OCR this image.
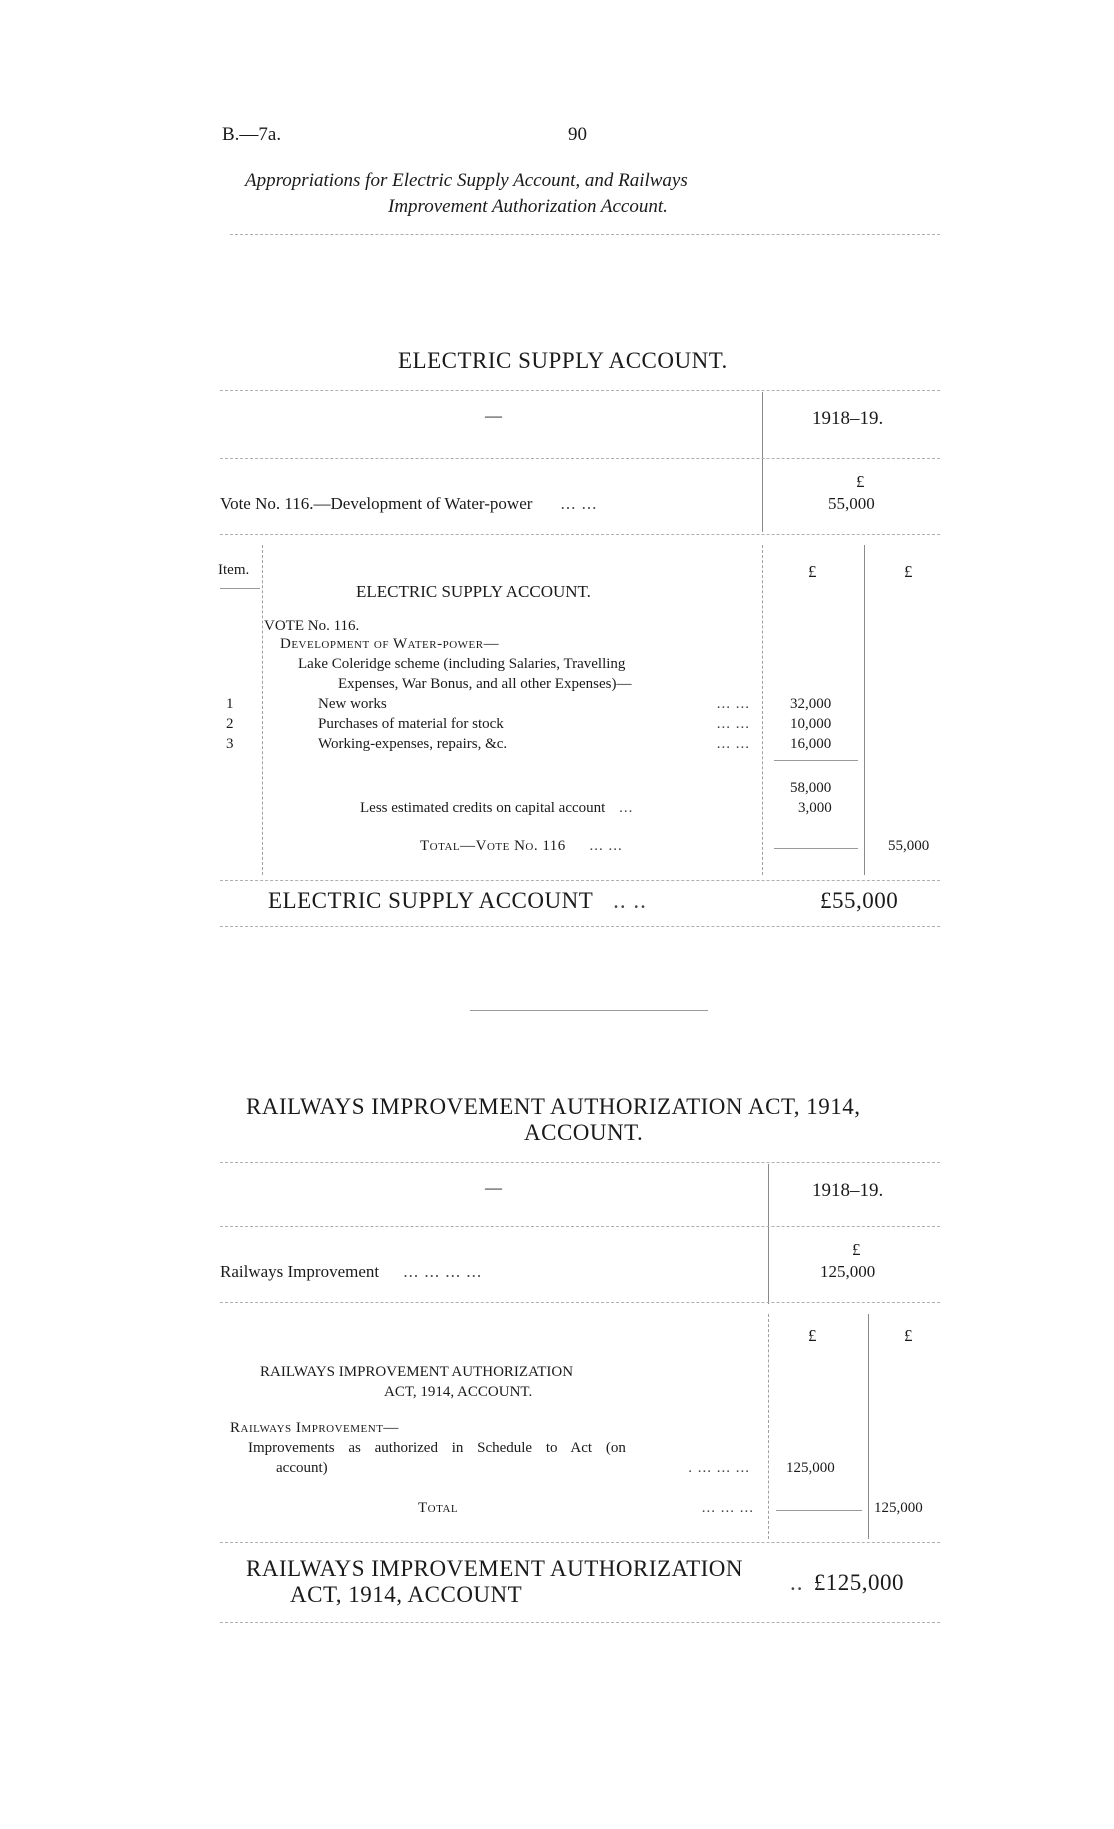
B.—7a.	90
Appropriations for Electric Supply Account, and Railways
Improvement Authorization Account.
ELECTRIC SUPPLY ACCOUNT.
—	1918–19.
£
Vote No. 116.—Development of Water-power ... ...	55,000
Item.	£	£
ELECTRIC SUPPLY ACCOUNT.
VOTE No. 116.
Development of Water-power—
Lake Coleridge scheme (including Salaries, Travelling
Expenses, War Bonus, and all other Expenses)—
1	New works	... ...	32,000
2	Purchases of material for stock	... ...	10,000
3	Working-expenses, repairs, &c.	... ...	16,000
58,000
Less estimated credits on capital account ...	3,000
Total—Vote No. 116 ... ...	55,000
ELECTRIC SUPPLY ACCOUNT .. ..	£55,000
RAILWAYS IMPROVEMENT AUTHORIZATION ACT, 1914,
ACCOUNT.
—	1918–19.
£
Railways Improvement ... ... ... ...	125,000
£	£
RAILWAYS IMPROVEMENT AUTHORIZATION
ACT, 1914, ACCOUNT.
Railways Improvement—
Improvements as authorized in Schedule to Act (on
account)	. ... ... ... 125,000
Total	... ... ...	125,000
RAILWAYS IMPROVEMENT AUTHORIZATION
ACT, 1914, ACCOUNT	.. £125,000
